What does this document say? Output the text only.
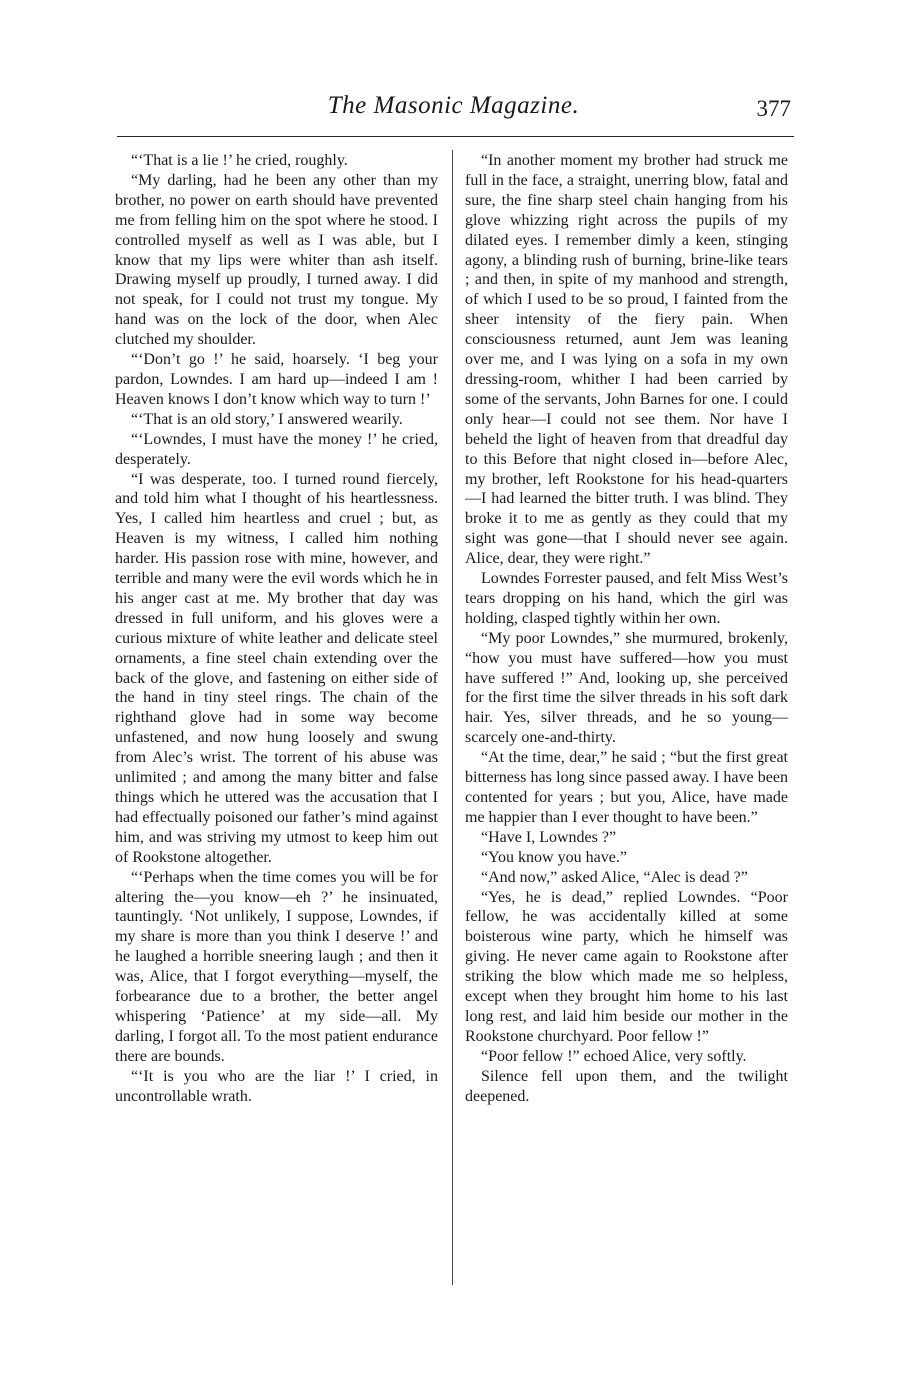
The Masonic Magazine.	377

“‘That is a lie !’ he cried, roughly.

“My darling, had he been any other than my brother, no power on earth should have prevented me from felling him on the spot where he stood. I controlled myself as well as I was able, but I know that my lips were whiter than ash itself. Drawing myself up proudly, I turned away. I did not speak, for I could not trust my tongue. My hand was on the lock of the door, when Alec clutched my shoulder.

“‘Don’t go !’ he said, hoarsely. ‘I beg your pardon, Lowndes. I am hard up—indeed I am ! Heaven knows I don’t know which way to turn !’

“‘That is an old story,’ I answered wearily.

“‘Lowndes, I must have the money !’ he cried, desperately.

“I was desperate, too. I turned round fiercely, and told him what I thought of his heartlessness. Yes, I called him heartless and cruel ; but, as Heaven is my witness, I called him nothing harder. His passion rose with mine, however, and terrible and many were the evil words which he in his anger cast at me. My brother that day was dressed in full uniform, and his gloves were a curious mixture of white leather and delicate steel ornaments, a fine steel chain extending over the back of the glove, and fastening on either side of the hand in tiny steel rings. The chain of the righthand glove had in some way become unfastened, and now hung loosely and swung from Alec’s wrist. The torrent of his abuse was unlimited ; and among the many bitter and false things which he uttered was the accusation that I had effectually poisoned our father’s mind against him, and was striving my utmost to keep him out of Rookstone altogether.

“‘Perhaps when the time comes you will be for altering the—you know—eh ?’ he insinuated, tauntingly. ‘Not unlikely, I suppose, Lowndes, if my share is more than you think I deserve !’ and he laughed a horrible sneering laugh ; and then it was, Alice, that I forgot everything—myself, the forbearance due to a brother, the better angel whispering ‘Patience’ at my side—all. My darling, I forgot all. To the most patient endurance there are bounds.

“‘It is you who are the liar !’ I cried, in uncontrollable wrath.

“In another moment my brother had struck me full in the face, a straight, unerring blow, fatal and sure, the fine sharp steel chain hanging from his glove whizzing right across the pupils of my dilated eyes. I remember dimly a keen, stinging agony, a blinding rush of burning, brine-like tears ; and then, in spite of my manhood and strength, of which I used to be so proud, I fainted from the sheer intensity of the fiery pain. When consciousness returned, aunt Jem was leaning over me, and I was lying on a sofa in my own dressing-room, whither I had been carried by some of the servants, John Barnes for one. I could only hear—I could not see them. Nor have I beheld the light of heaven from that dreadful day to this Before that night closed in—before Alec, my brother, left Rookstone for his head-quarters—I had learned the bitter truth. I was blind. They broke it to me as gently as they could that my sight was gone—that I should never see again. Alice, dear, they were right.”

Lowndes Forrester paused, and felt Miss West’s tears dropping on his hand, which the girl was holding, clasped tightly within her own.

“My poor Lowndes,” she murmured, brokenly, “how you must have suffered—how you must have suffered !” And, looking up, she perceived for the first time the silver threads in his soft dark hair. Yes, silver threads, and he so young—scarcely one-and-thirty.

“At the time, dear,” he said ; “but the first great bitterness has long since passed away. I have been contented for years ; but you, Alice, have made me happier than I ever thought to have been.”

“Have I, Lowndes ?”

“You know you have.”

“And now,” asked Alice, “Alec is dead ?”

“Yes, he is dead,” replied Lowndes. “Poor fellow, he was accidentally killed at some boisterous wine party, which he himself was giving. He never came again to Rookstone after striking the blow which made me so helpless, except when they brought him home to his last long rest, and laid him beside our mother in the Rookstone churchyard. Poor fellow !”

“Poor fellow !” echoed Alice, very softly.

Silence fell upon them, and the twilight deepened.
